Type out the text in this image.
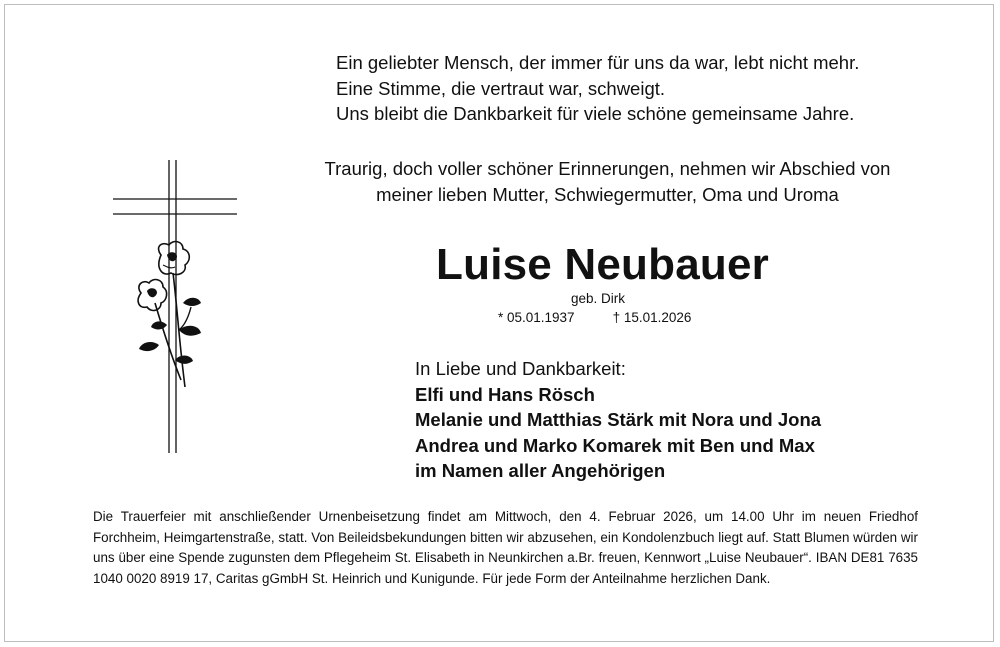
Ein geliebter Mensch, der immer für uns da war, lebt nicht mehr.
Eine Stimme, die vertraut war, schweigt.
Uns bleibt die Dankbarkeit für viele schöne gemeinsame Jahre.
Traurig, doch voller schöner Erinnerungen, nehmen wir Abschied von
meiner lieben Mutter, Schwiegermutter, Oma und Uroma
Luise Neubauer
geb. Dirk
* 05.01.1937	† 15.01.2026
In Liebe und Dankbarkeit:
Elfi und Hans Rösch
Melanie und Matthias Stärk mit Nora und Jona
Andrea und Marko Komarek mit Ben und Max
im Namen aller Angehörigen
Die Trauerfeier mit anschließender Urnenbeisetzung findet am Mittwoch, den 4. Februar 2026, um 14.00 Uhr im neuen Friedhof Forchheim, Heimgartenstraße, statt. Von Beileidsbekundungen bitten wir abzusehen, ein Kondolenzbuch liegt auf. Statt Blumen würden wir uns über eine Spende zugunsten dem Pflegeheim St. Elisabeth in Neunkirchen a.Br. freuen, Kennwort „Luise Neubauer“. IBAN DE81 7635 1040 0020 8919 17, Caritas gGmbH St. Heinrich und Kunigunde. Für jede Form der Anteilnahme herzlichen Dank.
